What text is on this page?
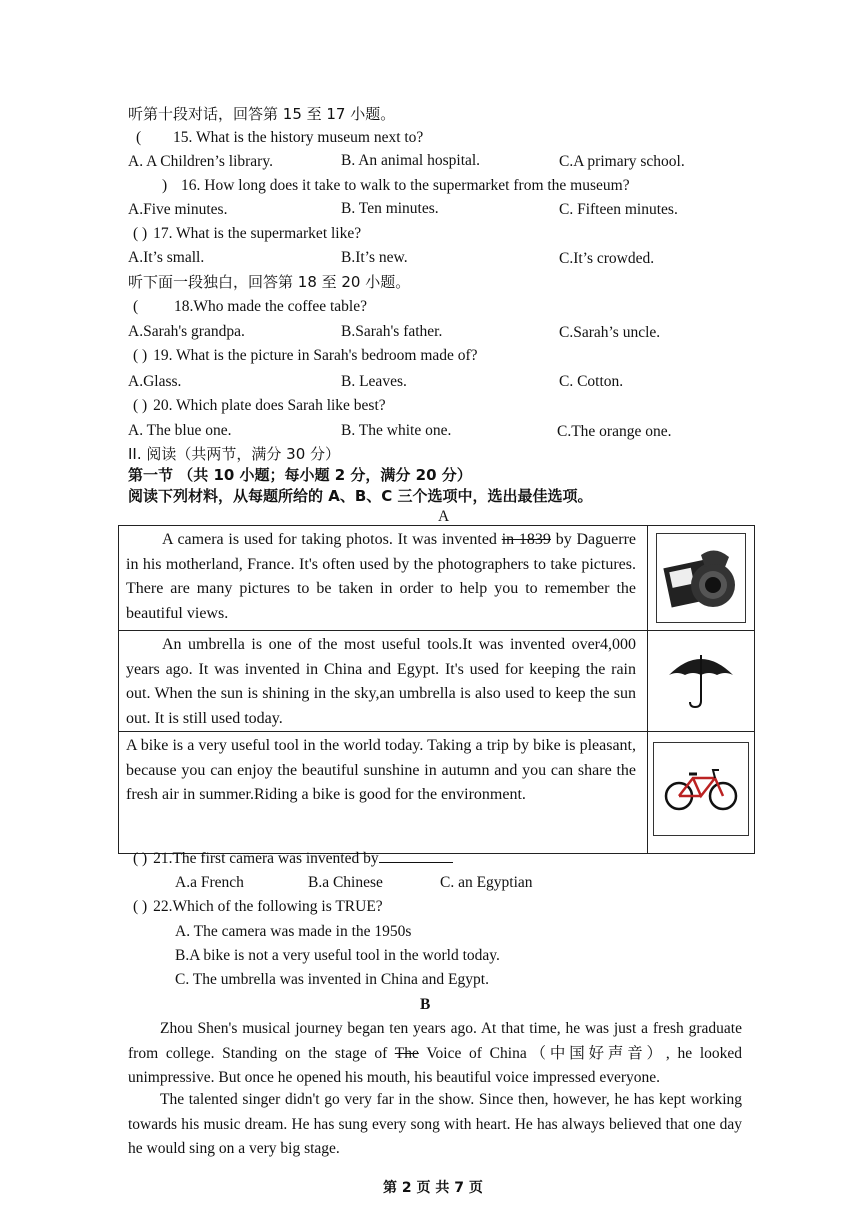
听第十段对话，回答第 15 至 17 小题。
( 15. What is the history museum next to?
A. A Children’s library.	B. An animal hospital.	C.A primary school.
) 16. How long does it take to walk to the supermarket from the museum?
A.Five minutes.	B. Ten minutes.	C. Fifteen minutes.
( ) 17. What is the supermarket like?
A.It’s small.	B.It’s new.	C.It’s crowded.
听下面一段独白，回答第 18 至 20 小题。
( 18.Who made the coffee table?
A.Sarah's grandpa.	B.Sarah's father.	C.Sarah’s uncle.
( ) 19. What is the picture in Sarah's bedroom made of?
A.Glass.	B. Leaves.	C. Cotton.
( ) 20. Which plate does Sarah like best?
A. The blue one.	B. The white one.	C.The orange one.
II. 阅读（共两节，满分 30 分）
第一节 （共 10 小题；每小题 2 分，满分 20 分）
阅读下列材料，从每题所给的 A、B、C 三个选项中，选出最佳选项。
A
A camera is used for taking photos. It was invented in 1839 by Daguerre in his motherland, France. It's often used by the photographers to take pictures. There are many pictures to be taken in order to help you to remember the beautiful views.

An umbrella is one of the most useful tools.It was invented over4,000 years ago. It was invented in China and Egypt. It's used for keeping the rain out. When the sun is shining in the sky,an umbrella is also used to keep the sun out. It is still used today.

A bike is a very useful tool in the world today. Taking a trip by bike is pleasant, because you can enjoy the beautiful sunshine in autumn and you can share the fresh air in summer.Riding a bike is good for the environment.

( ) 21.The first camera was invented by
A.a French	B.a Chinese	C. an Egyptian
( ) 22.Which of the following is TRUE?
A. The camera was made in the 1950s
B.A bike is not a very useful tool in the world today.
C. The umbrella was invented in China and Egypt.
B
Zhou Shen's musical journey began ten years ago. At that time, he was just a fresh graduate from college. Standing on the stage of The Voice of China（中国好声音）, he looked unimpressive. But once he opened his mouth, his beautiful voice impressed everyone.
The talented singer didn't go very far in the show. Since then, however, he has kept working towards his music dream. He has sung every song with heart. He has always believed that one day he would sing on a very big stage.
第 2 页 共 7 页
